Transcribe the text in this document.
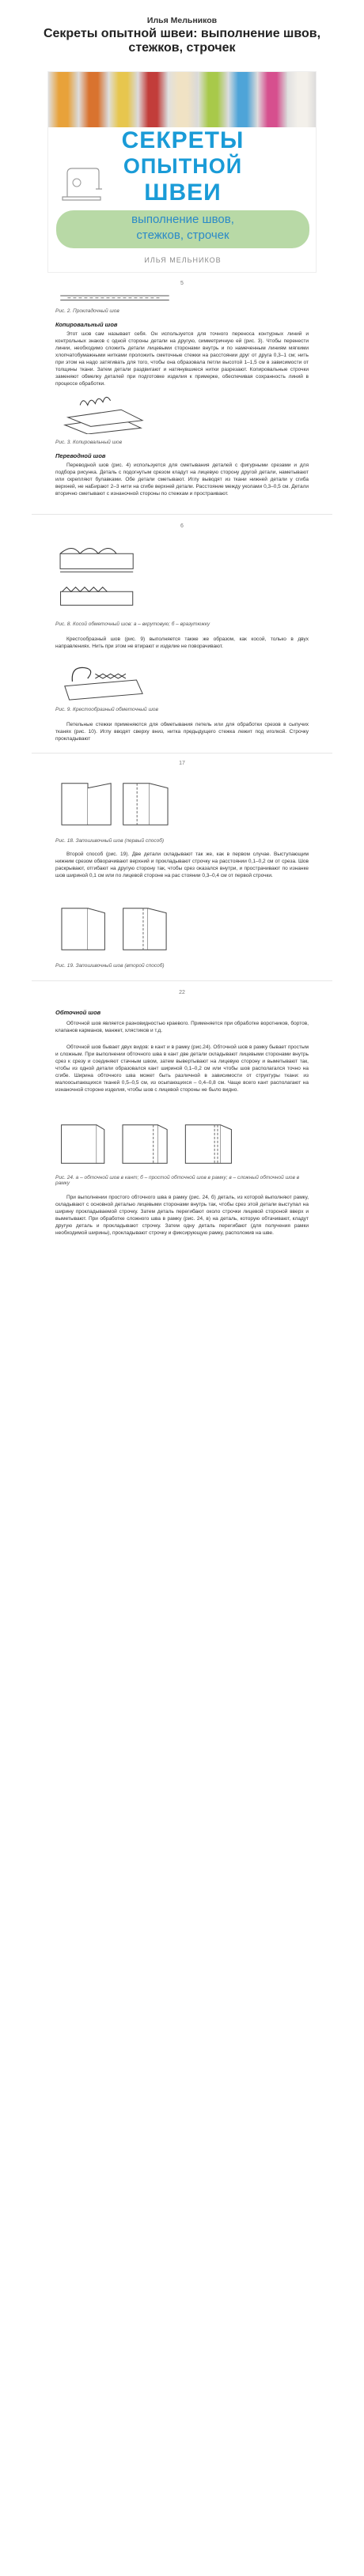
Илья Мельников
Секреты опытной швеи: выполнение швов, стежков, строчек
СЕКРЕТЫ
ОПЫТНОЙ
ШВЕИ
выполнение швов,
стежков, строчек
ИЛЬЯ МЕЛЬНИКОВ
5
Рис. 2. Прокладочный шов
Копировальный шов
Этот шов сам называет себя. Он используется для точного переноса контурных линий и контрольных знаков с одной стороны детали на другую, симметричную ей (рис. 3). Чтобы перенести линии, необходимо сложить детали лицевыми сторонами внутрь и по намеченным линиям мягкими хлопчатобумажными нитками проложить сметочные стежки на расстоянии друг от друга 0,3–1 см; нить при этом на надо затягивать для того, чтобы она образовала петли высотой 1–1,5 см в зависимости от толщины ткани. Затем детали раздвигают и натянувшиеся нитки разрезают. Копировальные строчки заменяют обмелку деталей при подготовке изделия к примерке, обеспечивая сохранность линий в процессе обработки.
Рис. 3. Копировальный шов
Переводной шов
Переводной шов (рис. 4) используется для сметывания деталей с фигурными срезами и для подбора рисунка. Деталь с подогнутым срезом кладут на лицевую сторону другой детали, наметывают или скрепляют булавками. Обе детали сметывают. Иглу выводят из ткани нижней детали у сгиба верхней, не наБирают 2–3 нити на сгибе верхней детали. Расстояние между уколами 0,3–0,5 см. Детали вторично сметывают с изнаночной стороны по стежкам и простраивают.
6
Рис. 8. Косой обметочный шов: а – вкрутовую; б – вразутюжку
Крестообразный шов (рис. 9) выполняется также же образом, как косой, только в двух направлениях. Нить при этом не втирают и изделие не поворачивают.
Рис. 9. Крестообразный обметочный шов
Петельные стежки применяются для обметывания петель или для обработки срезов в сыпучих тканях (рис. 10). Иглу вводят сверху вниз, нитка предыдущего стежка лежит под иголкой. Строчку прокладывают
17
Рис. 18. Запошивочный шов (первый способ)
Второй способ (рис. 19). Две детали складывают так же, как в первом случае. Выступающим нижним срезом обворачивают верхний и прокладывают строчку на расстоянии 0,1–0,2 см от среза. Шов раскрывают, отгибают на другую сторону так, чтобы срез оказался внутри, и прострачивают по изнанке шов шириной 0,1 см или по лицевой стороне на рас стоянии 0,3–0,4 см от первой строчки.
Рис. 19. Запошивочный шов (второй способ)
22
Обточной шов
Обточной шов является разновидностью краевого. Применяется при обработке воротников, бортов, клапанов карманов, манжет, хлястиков и т.д.
Обточной шов бывает двух видов: в кант и в рамку (рис.24). Обточной шов в рамку бывает простым и сложным. При выполнении обточного шва в кант две детали складывают лицевыми сторонами внутрь срез к срезу и соединяют стачным швом, затем вывертывают на лицевую сторону и выметывают так, чтобы из одной детали образовался кант шириной 0,1–0,2 см или чтобы шов располагался точно на сгибе. Ширина обточного шва может быть различной в зависимости от структуры ткани: из малоосыпающихся тканей 0,5–0,5 см, из осыпающихся – 0,4–0,8 см. Чаще всего кант располагают на изнаночной стороне изделия, чтобы шов с лицевой стороны не было видно.
Рис. 24. а – обточной шов в кант; б – простой обточной шов в рамку; в – сложный обточной шов в рамку
При выполнении простого обточного шва в рамку (рис. 24, б) деталь, из которой выполняют рамку, складывают с основной деталью лицевыми сторонами внутрь так, чтобы срез этой детали выступал на ширину прокладываемой строчку. Затем деталь перегибают около строчки лицевой стороной вверх и выметывают. При обработке сложного шва в рамку (рис. 24, в) на деталь, которую обтачивают, кладут другую деталь и прокладывают строчку. Затем одну деталь перегибают (для получения рамки необходимой ширины), прокладывают строчку и фиксирующую рамку, расположив на шве.
